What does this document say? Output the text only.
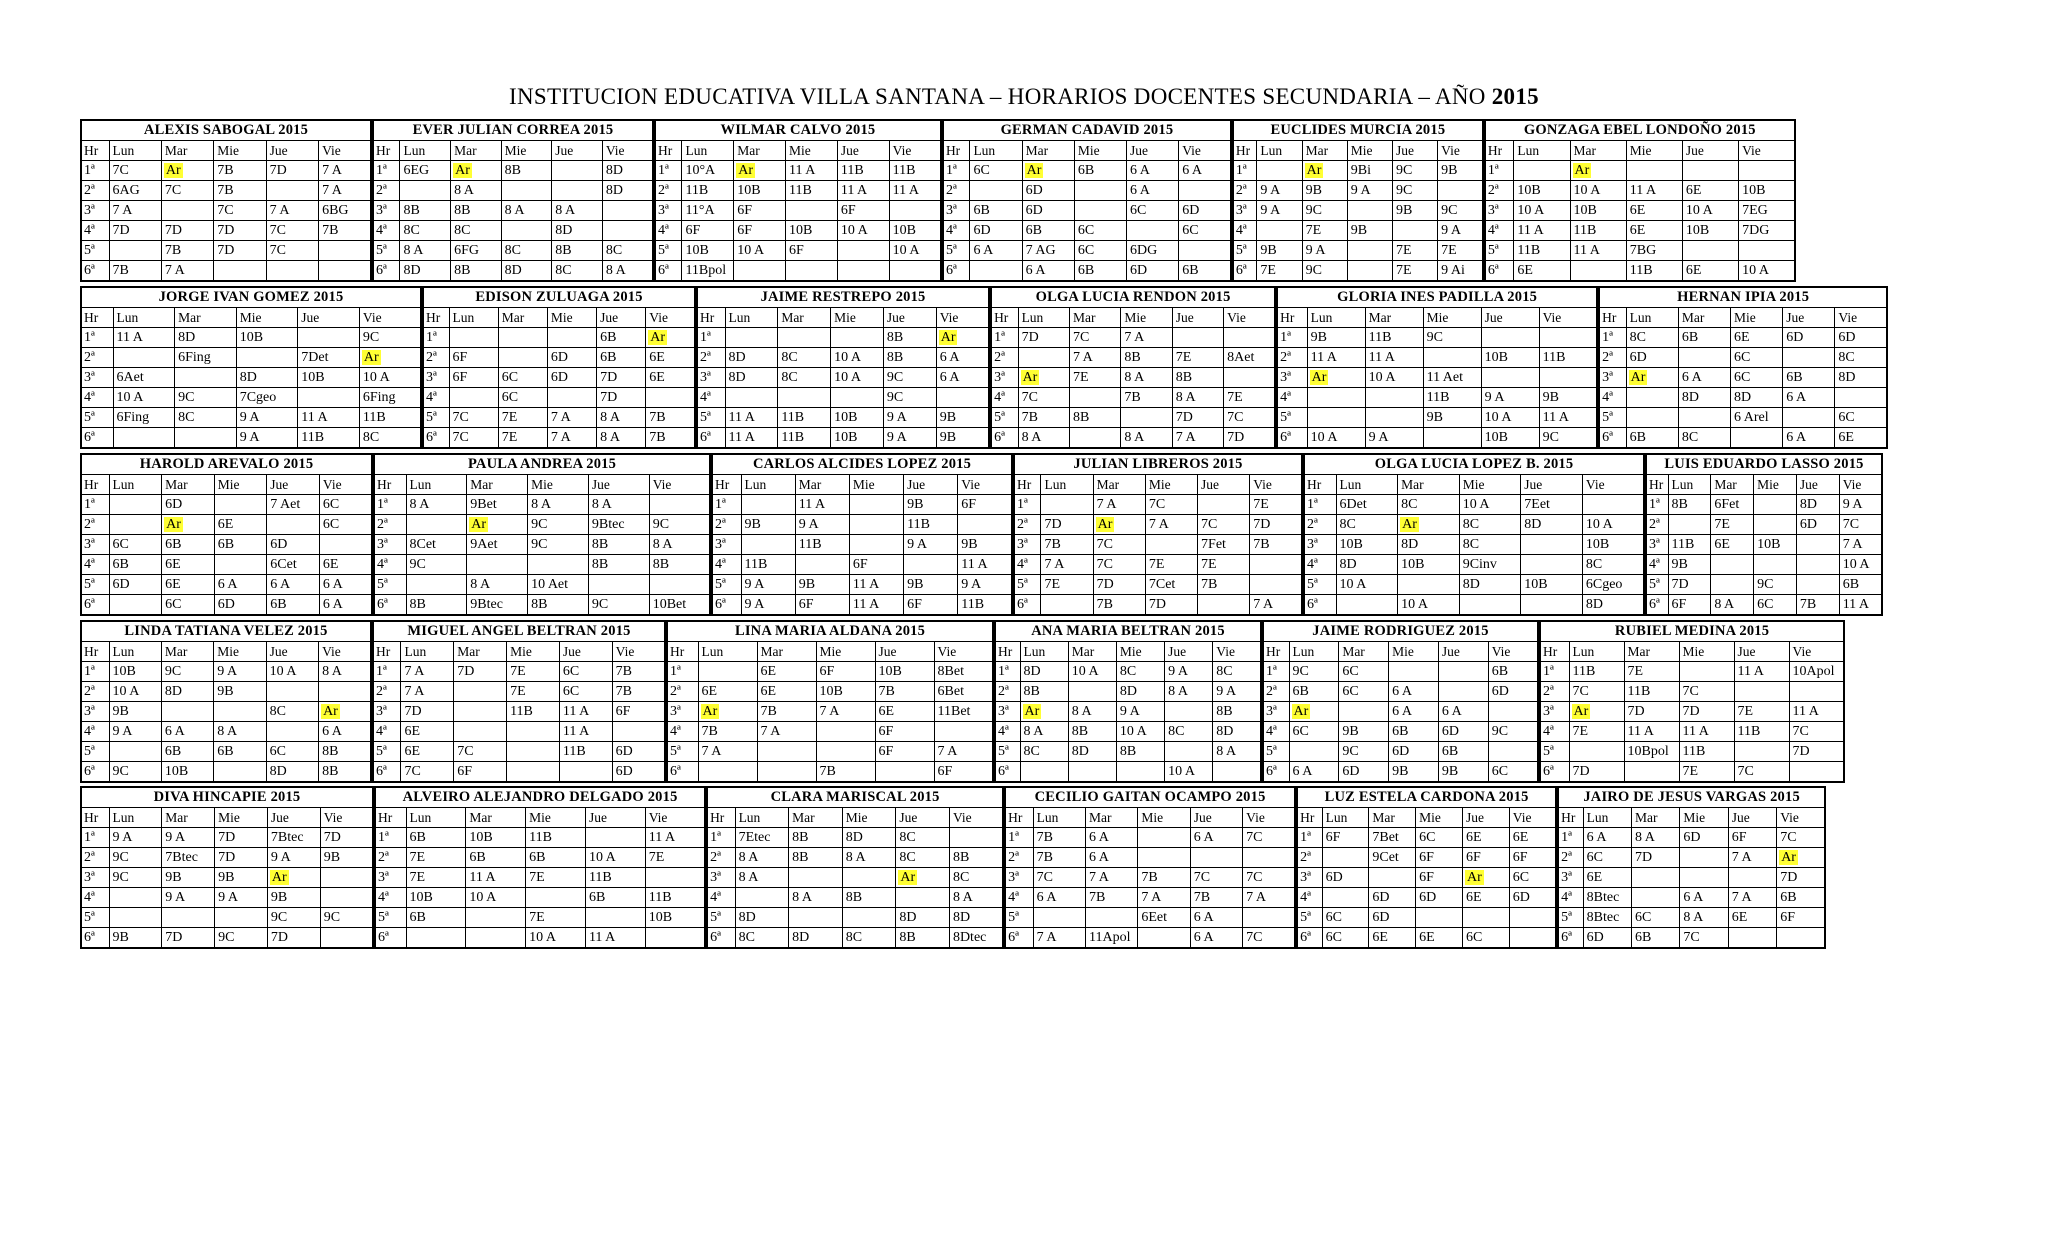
INSTITUCION EDUCATIVA VILLA SANTANA – HORARIOS DOCENTES SECUNDARIA – AÑO 2015
ALEXIS SABOGAL 2015					
Hr	Lun	Mar	Mie	Jue	Vie
1ª	7C	Ar	7B	7D	7 A
2ª	6AG	7C	7B		7 A
3ª	7 A		7C	7 A	6BG
4ª	7D	7D	7D	7C	7B
5ª		7B	7D	7C	
6ª	7B	7 A			
EVER JULIAN CORREA 2015					
Hr	Lun	Mar	Mie	Jue	Vie
1ª	6EG	Ar	8B		8D
2ª		8 A			8D
3ª	8B	8B	8 A	8 A	
4ª	8C	8C		8D	
5ª	8 A	6FG	8C	8B	8C
6ª	8D	8B	8D	8C	8 A
WILMAR CALVO 2015					
Hr	Lun	Mar	Mie	Jue	Vie
1ª	10°A	Ar	11 A	11B	11B
2ª	11B	10B	11B	11 A	11 A
3ª	11°A	6F		6F	
4ª	6F	6F	10B	10 A	10B
5ª	10B	10 A	6F		10 A
6ª	11Bpol				
GERMAN CADAVID 2015					
Hr	Lun	Mar	Mie	Jue	Vie
1ª	6C	Ar	6B	6 A	6 A
2ª		6D		6 A	
3ª	6B	6D		6C	6D
4ª	6D	6B	6C		6C
5ª	6 A	7 AG	6C	6DG	
6ª		6 A	6B	6D	6B
EUCLIDES MURCIA 2015					
Hr	Lun	Mar	Mie	Jue	Vie
1ª		Ar	9Bi	9C	9B
2ª	9 A	9B	9 A	9C	
3ª	9 A	9C		9B	9C
4ª		7E	9B		9 A
5ª	9B	9 A		7E	7E
6ª	7E	9C		7E	9 Ai
GONZAGA EBEL LONDOÑO 2015					
Hr	Lun	Mar	Mie	Jue	Vie
1ª		Ar			
2ª	10B	10 A	11 A	6E	10B
3ª	10 A	10B	6E	10 A	7EG
4ª	11 A	11B	6E	10B	7DG
5ª	11B	11 A	7BG		
6ª	6E		11B	6E	10 A
JORGE IVAN GOMEZ 2015					
Hr	Lun	Mar	Mie	Jue	Vie
1ª	11 A	8D	10B		9C
2ª		6Fing		7Det	Ar
3ª	6Aet		8D	10B	10 A
4ª	10 A	9C	7Cgeo		6Fing
5ª	6Fing	8C	9 A	11 A	11B
6ª			9 A	11B	8C
EDISON ZULUAGA 2015					
Hr	Lun	Mar	Mie	Jue	Vie
1ª				6B	Ar
2ª	6F		6D	6B	6E
3ª	6F	6C	6D	7D	6E
4ª		6C		7D	
5ª	7C	7E	7 A	8 A	7B
6ª	7C	7E	7 A	8 A	7B
JAIME RESTREPO 2015					
Hr	Lun	Mar	Mie	Jue	Vie
1ª				8B	Ar
2ª	8D	8C	10 A	8B	6 A
3ª	8D	8C	10 A	9C	6 A
4ª				9C	
5ª	11 A	11B	10B	9 A	9B
6ª	11 A	11B	10B	9 A	9B
OLGA LUCIA RENDON 2015					
Hr	Lun	Mar	Mie	Jue	Vie
1ª	7D	7C	7 A		
2ª		7 A	8B	7E	8Aet
3ª	Ar	7E	8 A	8B	
4ª	7C		7B	8 A	7E
5ª	7B	8B		7D	7C
6ª	8 A		8 A	7 A	7D
GLORIA INES PADILLA 2015					
Hr	Lun	Mar	Mie	Jue	Vie
1ª	9B	11B	9C		
2ª	11 A	11 A		10B	11B
3ª	Ar	10 A	11 Aet		
4ª			11B	9 A	9B
5ª			9B	10 A	11 A
6ª	10 A	9 A		10B	9C
HERNAN IPIA 2015					
Hr	Lun	Mar	Mie	Jue	Vie
1ª	8C	6B	6E	6D	6D
2ª	6D		6C		8C
3ª	Ar	6 A	6C	6B	8D
4ª		8D	8D	6 A	
5ª			6 Arel		6C
6ª	6B	8C		6 A	6E
HAROLD AREVALO 2015					
Hr	Lun	Mar	Mie	Jue	Vie
1ª		6D		7 Aet	6C
2ª		Ar	6E		6C
3ª	6C	6B	6B	6D	
4ª	6B	6E		6Cet	6E
5ª	6D	6E	6 A	6 A	6 A
6ª		6C	6D	6B	6 A
PAULA ANDREA 2015					
Hr	Lun	Mar	Mie	Jue	Vie
1ª	8 A	9Bet	8 A	8 A	
2ª		Ar	9C	9Btec	9C
3ª	8Cet	9Aet	9C	8B	8 A
4ª	9C			8B	8B
5ª		8 A	10 Aet		
6ª	8B	9Btec	8B	9C	10Bet
CARLOS ALCIDES LOPEZ 2015					
Hr	Lun	Mar	Mie	Jue	Vie
1ª		11 A		9B	6F
2ª	9B	9 A		11B	
3ª		11B		9 A	9B
4ª	11B		6F		11 A
5ª	9 A	9B	11 A	9B	9 A
6ª	9 A	6F	11 A	6F	11B
JULIAN LIBREROS 2015					
Hr	Lun	Mar	Mie	Jue	Vie
1ª		7 A	7C		7E
2ª	7D	Ar	7 A	7C	7D
3ª	7B	7C		7Fet	7B
4ª	7 A	7C	7E	7E	
5ª	7E	7D	7Cet	7B	
6ª		7B	7D		7 A
OLGA LUCIA LOPEZ B. 2015					
Hr	Lun	Mar	Mie	Jue	Vie
1ª	6Det	8C	10 A	7Eet	
2ª	8C	Ar	8C	8D	10 A
3ª	10B	8D	8C		10B
4ª	8D	10B	9Cinv		8C
5ª	10 A		8D	10B	6Cgeo
6ª		10 A			8D
LUIS EDUARDO LASSO 2015					
Hr	Lun	Mar	Mie	Jue	Vie
1ª	8B	6Fet		8D	9 A
2ª		7E		6D	7C
3ª	11B	6E	10B		7 A
4ª	9B				10 A
5ª	7D		9C		6B
6ª	6F	8 A	6C	7B	11 A
LINDA TATIANA VELEZ 2015					
Hr	Lun	Mar	Mie	Jue	Vie
1ª	10B	9C	9 A	10 A	8 A
2ª	10 A	8D	9B		
3ª	9B			8C	Ar
4ª	9 A	6 A	8 A		6 A
5ª		6B	6B	6C	8B
6ª	9C	10B		8D	8B
MIGUEL ANGEL BELTRAN 2015					
Hr	Lun	Mar	Mie	Jue	Vie
1ª	7 A	7D	7E	6C	7B
2ª	7 A		7E	6C	7B
3ª	7D		11B	11 A	6F
4ª	6E			11 A	
5ª	6E	7C		11B	6D
6ª	7C	6F			6D
LINA MARIA ALDANA 2015					
Hr	Lun	Mar	Mie	Jue	Vie
1ª		6E	6F	10B	8Bet
2ª	6E	6E	10B	7B	6Bet
3ª	Ar	7B	7 A	6E	11Bet
4ª	7B	7 A		6F	
5ª	7 A			6F	7 A
6ª			7B		6F
ANA MARIA BELTRAN 2015					
Hr	Lun	Mar	Mie	Jue	Vie
1ª	8D	10 A	8C	9 A	8C
2ª	8B		8D	8 A	9 A
3ª	Ar	8 A	9 A		8B
4ª	8 A	8B	10 A	8C	8D
5ª	8C	8D	8B		8 A
6ª				10 A	
JAIME RODRIGUEZ 2015					
Hr	Lun	Mar	Mie	Jue	Vie
1ª	9C	6C			6B
2ª	6B	6C	6 A		6D
3ª	Ar		6 A	6 A	
4ª	6C	9B	6B	6D	9C
5ª		9C	6D	6B	
6ª	6 A	6D	9B	9B	6C
RUBIEL MEDINA 2015					
Hr	Lun	Mar	Mie	Jue	Vie
1ª	11B	7E		11 A	10Apol
2ª	7C	11B	7C		
3ª	Ar	7D	7D	7E	11 A
4ª	7E	11 A	11 A	11B	7C
5ª		10Bpol	11B		7D
6ª	7D		7E	7C	
DIVA HINCAPIE 2015					
Hr	Lun	Mar	Mie	Jue	Vie
1ª	9 A	9 A	7D	7Btec	7D
2ª	9C	7Btec	7D	9 A	9B
3ª	9C	9B	9B	Ar	
4ª		9 A	9 A	9B	
5ª				9C	9C
6ª	9B	7D	9C	7D	
ALVEIRO ALEJANDRO DELGADO 2015					
Hr	Lun	Mar	Mie	Jue	Vie
1ª	6B	10B	11B		11 A
2ª	7E	6B	6B	10 A	7E
3ª	7E	11 A	7E	11B	
4ª	10B	10 A		6B	11B
5ª	6B		7E		10B
6ª			10 A	11 A	
CLARA MARISCAL 2015					
Hr	Lun	Mar	Mie	Jue	Vie
1ª	7Etec	8B	8D	8C	
2ª	8 A	8B	8 A	8C	8B
3ª	8 A			Ar	8C
4ª		8 A	8B		8 A
5ª	8D			8D	8D
6ª	8C	8D	8C	8B	8Dtec
CECILIO GAITAN OCAMPO 2015					
Hr	Lun	Mar	Mie	Jue	Vie
1ª	7B	6 A		6 A	7C
2ª	7B	6 A			
3ª	7C	7 A	7B	7C	7C
4ª	6 A	7B	7 A	7B	7 A
5ª			6Eet	6 A	
6ª	7 A	11Apol		6 A	7C
LUZ ESTELA CARDONA 2015					
Hr	Lun	Mar	Mie	Jue	Vie
1ª	6F	7Bet	6C	6E	6E
2ª		9Cet	6F	6F	6F
3ª	6D		6F	Ar	6C
4ª		6D	6D	6E	6D
5ª	6C	6D			
6ª	6C	6E	6E	6C	
JAIRO DE JESUS VARGAS 2015					
Hr	Lun	Mar	Mie	Jue	Vie
1ª	6 A	8 A	6D	6F	7C
2ª	6C	7D		7 A	Ar
3ª	6E				7D
4ª	8Btec		6 A	7 A	6B
5ª	8Btec	6C	8 A	6E	6F
6ª	6D	6B	7C		
